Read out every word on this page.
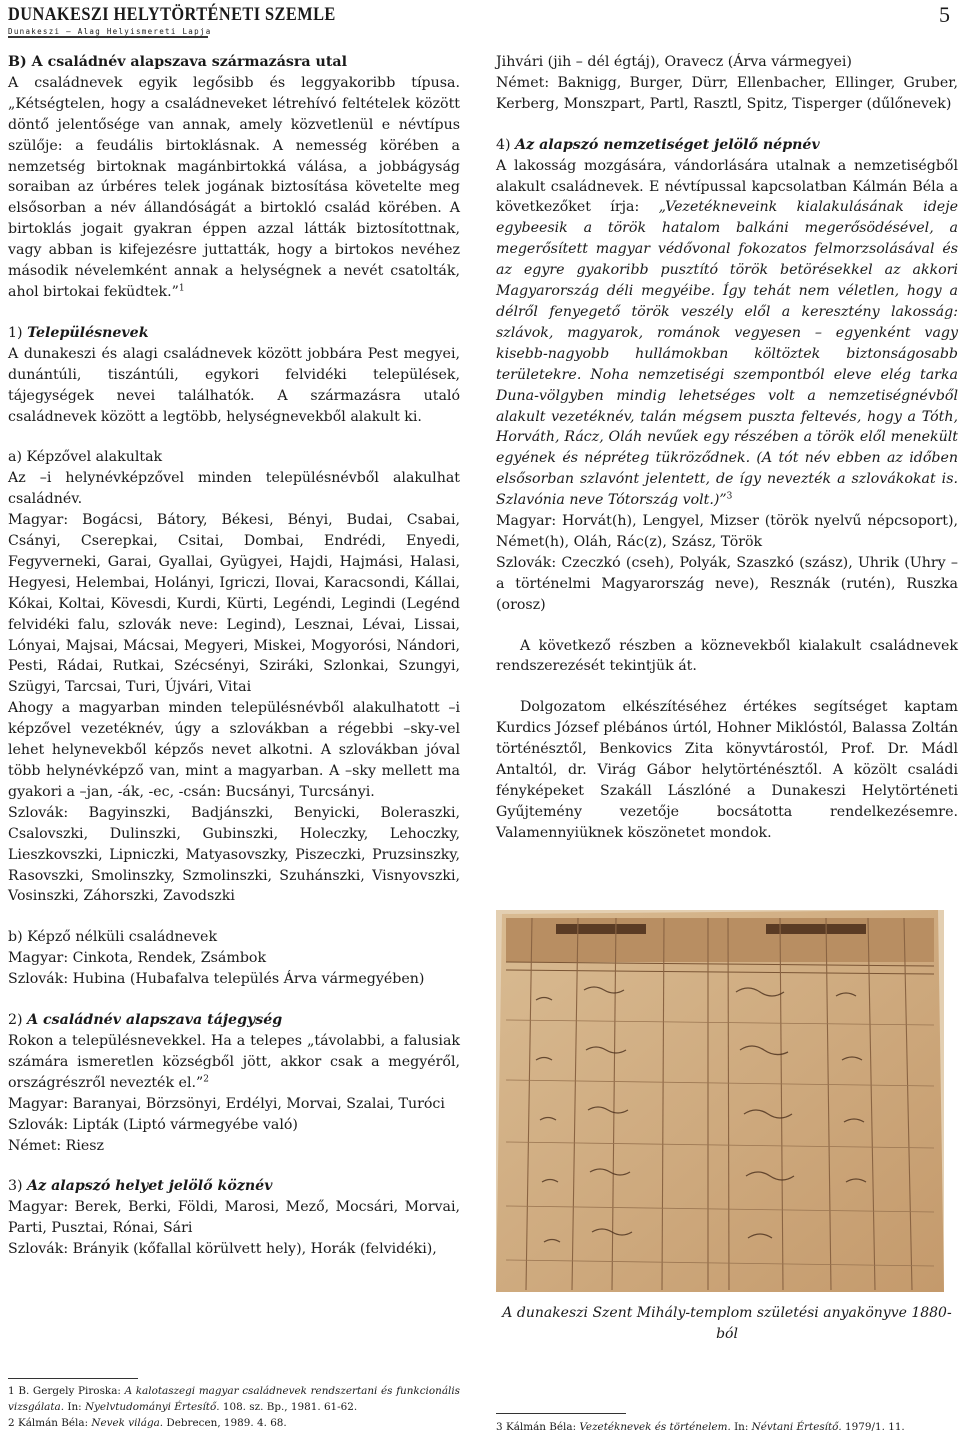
DUNAKESZI HELYTÖRTÉNETI SZEMLE
Dunakeszi – Alag Helyismereti Lapja
5

B) A családnév alapszava származásra utal

A családnevek egyik legősibb és leggyakoribb típusa. „Kétségtelen, hogy a családneveket létrehívó feltételek között döntő jelentősége van annak, amely közvetlenül e névtípus szülője: a feudális birtoklásnak. A nemesség körében a nemzetség birtoknak magánbirtokká válása, a jobbágyság soraiban az úrbéres telek jogának biztosítása követelte meg elsősorban a név állandóságát a birtokló család körében. A birtoklás jogait gyakran éppen azzal látták biztosítottnak, vagy abban is kifejezésre juttatták, hogy a birtokos nevéhez második névelemként annak a helységnek a nevét csatolták, ahol birtokai feküdtek.”$^1$

1) Településnevek

A dunakeszi és alagi családnevek között jobbára Pest megyei, dunántúli, tiszántúli, egykori felvidéki települések, tájegységek nevei találhatók. A származásra utaló családnevek között a legtöbb, helységnevekből alakult ki.

a) Képzővel alakultak

Az –i helynévképzővel minden településnévből alakulhat családnév.

Magyar: Bogácsi, Bátory, Békesi, Bényi, Budai, Csabai, Csányi, Cserepkai, Csitai, Dombai, Endrédi, Enyedi, Fegyverneki, Garai, Gyallai, Gyügyei, Hajdi, Hajmási, Halasi, Hegyesi, Helembai, Holányi, Igriczi, Ilovai, Karacsondi, Kállai, Kókai, Koltai, Kövesdi, Kurdi, Kürti, Legéndi, Legindi (Legénd felvidéki falu, szlovák neve: Legind), Lesznai, Lévai, Lissai, Lónyai, Majsai, Mácsai, Megyeri, Miskei, Mogyorósi, Nándori, Pesti, Rádai, Rutkai, Szécsényi, Sziráki, Szlonkai, Szungyi, Szügyi, Tarcsai, Turi, Újvári, Vitai

Ahogy a magyarban minden településnévből alakulhatott –i képzővel vezetéknév, úgy a szlovákban a régebbi –sky-vel lehet helynevekből képzős nevet alkotni. A szlovákban jóval több helynévképző van, mint a magyarban. A –sky mellett ma gyakori a –jan, -ák, -ec, -csán: Bucsányi, Turcsányi.

Szlovák: Bagyinszki, Badjánszki, Benyicki, Boleraszki, Csalovszki, Dulinszki, Gubinszki, Holeczky, Lehoczky, Lieszkovszki, Lipniczki, Matyasovszky, Piszeczki, Pruzsinszky, Rasovszki, Smolinszky, Szmolinszki, Szuhánszki, Visnyovszki, Vosinszki, Záhorszki, Zavodszki

b) Képző nélküli családnevek

Magyar: Cinkota, Rendek, Zsámbok

Szlovák: Hubina (Hubafalva település Árva vármegyében)

2) A családnév alapszava tájegység

Rokon a településnevekkel. Ha a telepes „távolabbi, a falusiak számára ismeretlen községből jött, akkor csak a megyéről, országrészről nevezték el.”$^2$

Magyar: Baranyai, Börzsönyi, Erdélyi, Morvai, Szalai, Turóci

Szlovák: Lipták (Liptó vármegyébe való)

Német: Riesz

3) Az alapszó helyet jelölő köznév

Magyar: Berek, Berki, Földi, Marosi, Mező, Mocsári, Morvai, Parti, Pusztai, Rónai, Sári

Szlovák: Brányik (kőfallal körülvett hely), Horák (felvidéki),

Jihvári (jih – dél égtáj), Oravecz (Árva vármegyei)

Német: Baknigg, Burger, Dürr, Ellenbacher, Ellinger, Gruber, Kerberg, Monszpart, Partl, Rasztl, Spitz, Tisperger (dűlőnevek)

4) Az alapszó nemzetiséget jelölő népnév

A lakosság mozgására, vándorlására utalnak a nemzetiségből alakult családnevek. E névtípussal kapcsolatban Kálmán Béla a következőket írja: „Vezetékneveink kialakulásának ideje egybeesik a török hatalom balkáni megerősödésével, a megerősített magyar védővonal fokozatos felmorzsolásával és az egyre gyakoribb pusztító török betörésekkel az akkori Magyarország déli megyéibe. Így tehát nem véletlen, hogy a délről fenyegető török veszély elől a keresztény lakosság: szlávok, magyarok, románok vegyesen – egyenként vagy kisebb-nagyobb hullámokban költöztek biztonságosabb területekre. Noha nemzetiségi szempontból eleve elég tarka Duna-völgyben mindig lehetséges volt a nemzetiségnévből alakult vezetéknév, talán mégsem puszta feltevés, hogy a Tóth, Horváth, Rácz, Oláh nevűek egy részében a török elől menekült egyének és népréteg tükröződnek. (A tót név ebben az időben elsősorban szlavónt jelentett, de így nevezték a szlovákokat is. Szlavónia neve Tótország volt.)”$^3$

Magyar: Horvát(h), Lengyel, Mizser (török nyelvű népcsoport), Német(h), Oláh, Rác(z), Szász, Török

Szlovák: Czeczkó (cseh), Polyák, Szaszkó (szász), Uhrik (Uhry – a történelmi Magyarország neve), Resznák (rutén), Ruszka (orosz)

A következő részben a köznevekből kialakult családnevek rendszerezését tekintjük át.

Dolgozatom elkészítéséhez értékes segítséget kaptam Kurdics József plébános úrtól, Hohner Miklóstól, Balassa Zoltán történésztől, Benkovics Zita könyvtárostól, Prof. Dr. Mádl Antaltól, dr. Virág Gábor helytörténésztől. A közölt családi fényképeket Szakáll Lászlóné a Dunakeszi Helytörténeti Gyűjtemény vezetője bocsátotta rendelkezésemre. Valamennyiüknek köszönetet mondok.

A dunakeszi Szent Mihály-templom születési anyakönyve 1880-ból

1 B. Gergely Piroska: A kalotaszegi magyar családnevek rendszertani és funkcionális vizsgálata. In: Nyelvtudományi Értesítő. 108. sz. Bp., 1981. 61-62.

2 Kálmán Béla: Nevek világa. Debrecen, 1989. 4. 68.	3 Kálmán Béla: Vezetéknevek és történelem. In: Névtani Értesítő. 1979/1. 11.
